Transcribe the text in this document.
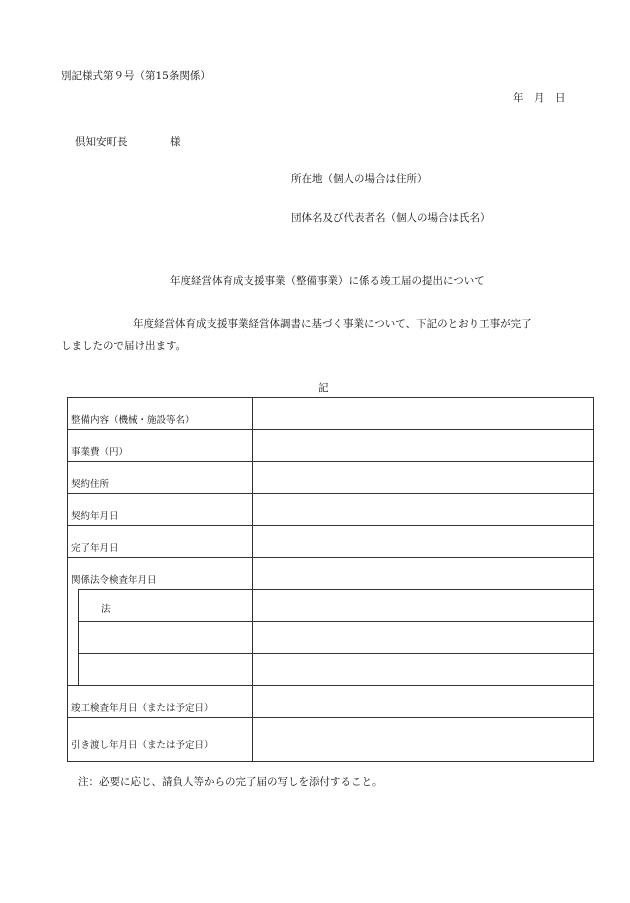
別記様式第９号（第15条関係）
年　月　日
倶知安町長	様
所在地（個人の場合は住所）
団体名及び代表者名（個人の場合は氏名）
年度経営体育成支援事業（整備事業）に係る竣工届の提出について
年度経営体育成支援事業経営体調書に基づく事業について、下記のとおり工事が完了
しましたので届け出ます。
記
整備内容（機械・施設等名）		

事業費（円）		

契約住所		

契約年月日		

完了年月日		

関係法令検査年月日		

	法	

竣工検査年月日（または予定日）		

引き渡し年月日（または予定日）		

注：必要に応じ、請負人等からの完了届の写しを添付すること。
